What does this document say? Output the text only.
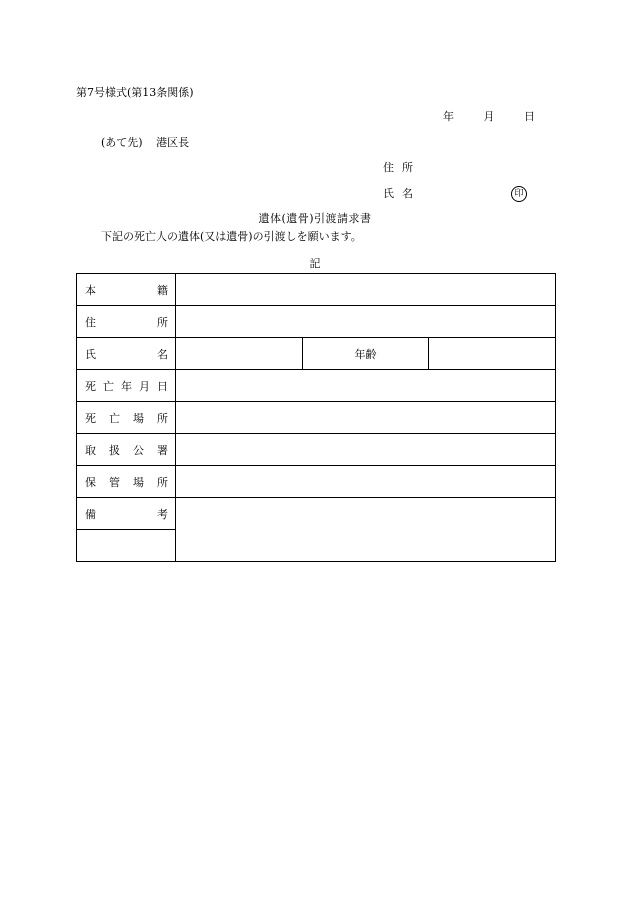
第7号様式(第13条関係)
年	月	日
(あて先) 港区長
住所
氏名	印
遺体(遺骨)引渡請求書
下記の死亡人の遺体(又は遺骨)の引渡しを願います。
記
本 籍			

住 所			

氏 名		年齢	

死 亡 年 月 日			

死 亡 場 所			

取 扱 公 署			

保 管 場 所			

備 考			
